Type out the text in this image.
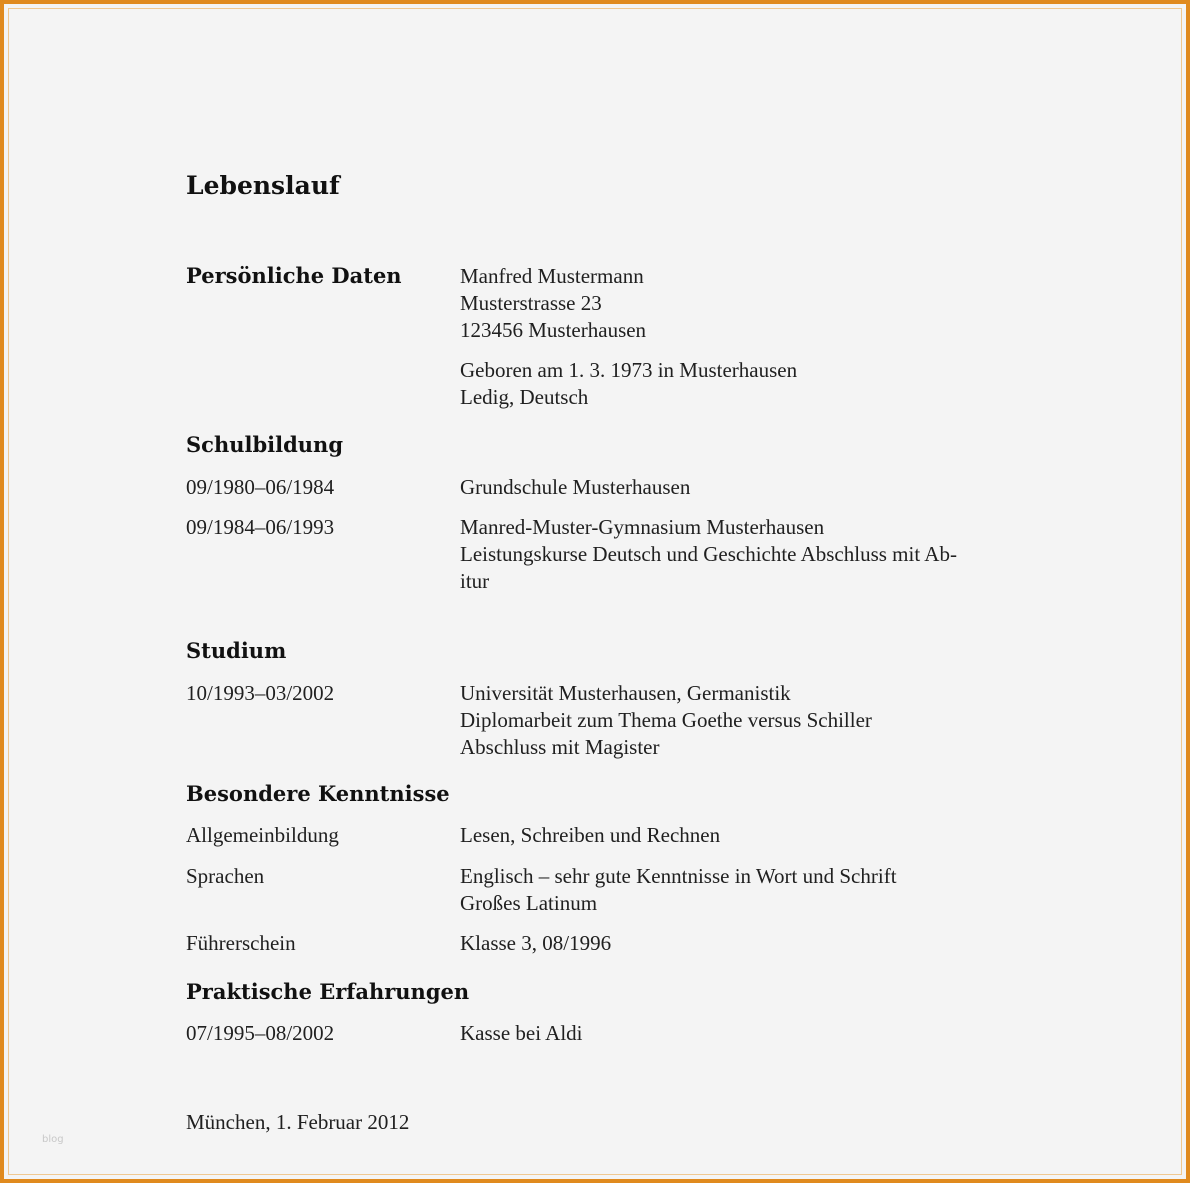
Lebenslauf
Persönliche Daten	Manfred Mustermann
Musterstrasse 23
123456 Musterhausen
Geboren am 1. 3. 1973 in Musterhausen
Ledig, Deutsch
Schulbildung
09/1980–06/1984	Grundschule Musterhausen
09/1984–06/1993	Manred-Muster-Gymnasium Musterhausen
Leistungskurse Deutsch und Geschichte Abschluss mit Ab-
itur
Studium
10/1993–03/2002	Universität Musterhausen, Germanistik
Diplomarbeit zum Thema Goethe versus Schiller
Abschluss mit Magister
Besondere Kenntnisse
Allgemeinbildung	Lesen, Schreiben und Rechnen
Sprachen	Englisch – sehr gute Kenntnisse in Wort und Schrift
Großes Latinum
Führerschein	Klasse 3, 08/1996
Praktische Erfahrungen
07/1995–08/2002	Kasse bei Aldi
München, 1. Februar 2012
blog
